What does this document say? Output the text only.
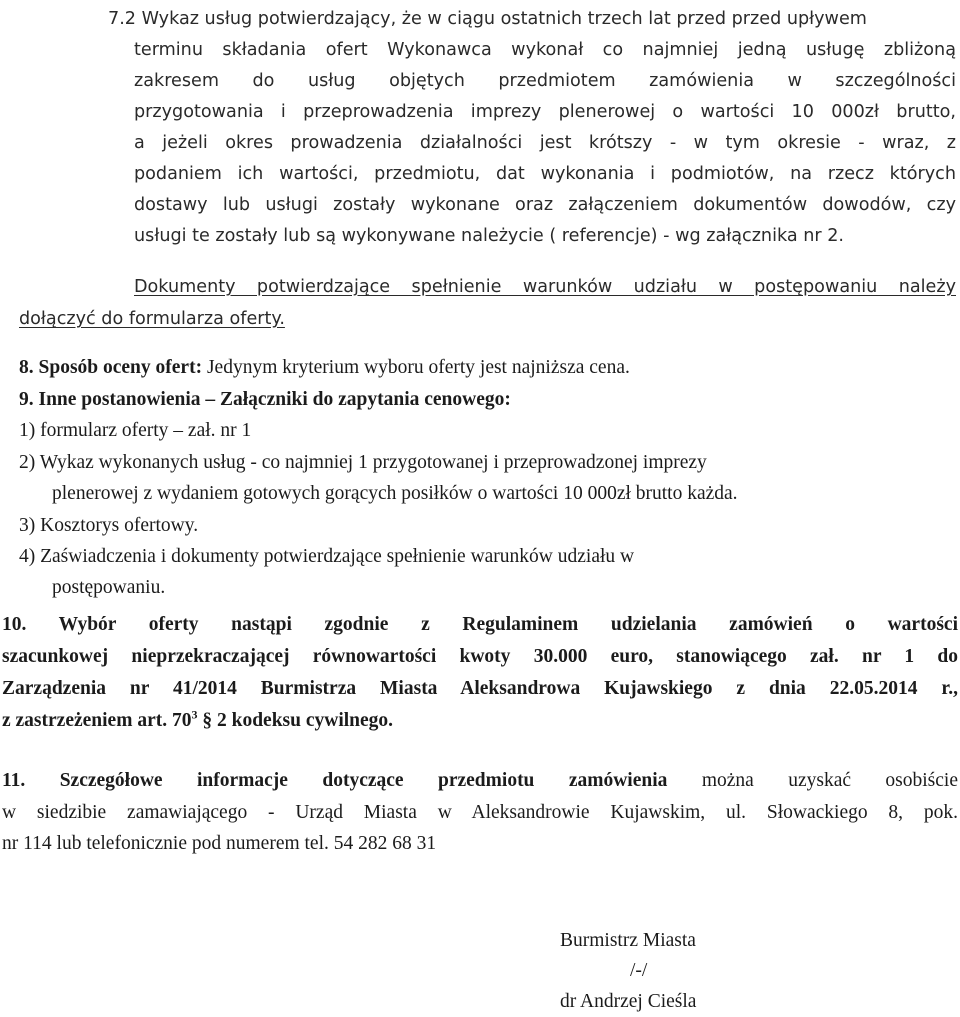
7.2 Wykaz usług potwierdzający, że w ciągu ostatnich trzech lat przed przed upływem
terminu składania ofert Wykonawca wykonał co najmniej jedną usługę zbliżoną
zakresem do usług objętych przedmiotem zamówienia w szczególności
przygotowania i przeprowadzenia imprezy plenerowej o wartości 10 000zł brutto,
a jeżeli okres prowadzenia działalności jest krótszy - w tym okresie - wraz, z
podaniem ich wartości, przedmiotu, dat wykonania i podmiotów, na rzecz których
dostawy lub usługi zostały wykonane oraz załączeniem dokumentów dowodów, czy
usługi te zostały lub są wykonywane należycie ( referencje) - wg załącznika nr 2.
Dokumenty potwierdzające spełnienie warunków udziału w postępowaniu należy
dołączyć do formularza oferty.
8. Sposób oceny ofert: Jedynym kryterium wyboru oferty jest najniższa cena.
9. Inne postanowienia – Załączniki do zapytania cenowego:
1) formularz oferty – zał. nr 1
2) Wykaz wykonanych usług - co najmniej 1 przygotowanej i przeprowadzonej imprezy
plenerowej z wydaniem gotowych gorących posiłków o wartości 10 000zł brutto każda.
3) Kosztorys ofertowy.
4) Zaświadczenia i dokumenty potwierdzające spełnienie warunków udziału w
postępowaniu.
10. Wybór oferty nastąpi zgodnie z Regulaminem udzielania zamówień o wartości
szacunkowej nieprzekraczającej równowartości kwoty 30.000 euro, stanowiącego zał. nr 1 do
Zarządzenia nr 41/2014 Burmistrza Miasta Aleksandrowa Kujawskiego z dnia 22.05.2014 r.,
z zastrzeżeniem art. $70^3$ § 2 kodeksu cywilnego.
11. Szczegółowe informacje dotyczące przedmiotu zamówienia można uzyskać osobiście
w siedzibie zamawiającego - Urząd Miasta w Aleksandrowie Kujawskim, ul. Słowackiego 8, pok.
nr 114 lub telefonicznie pod numerem tel. 54 282 68 31
Burmistrz Miasta
/-/
dr Andrzej Cieśla
